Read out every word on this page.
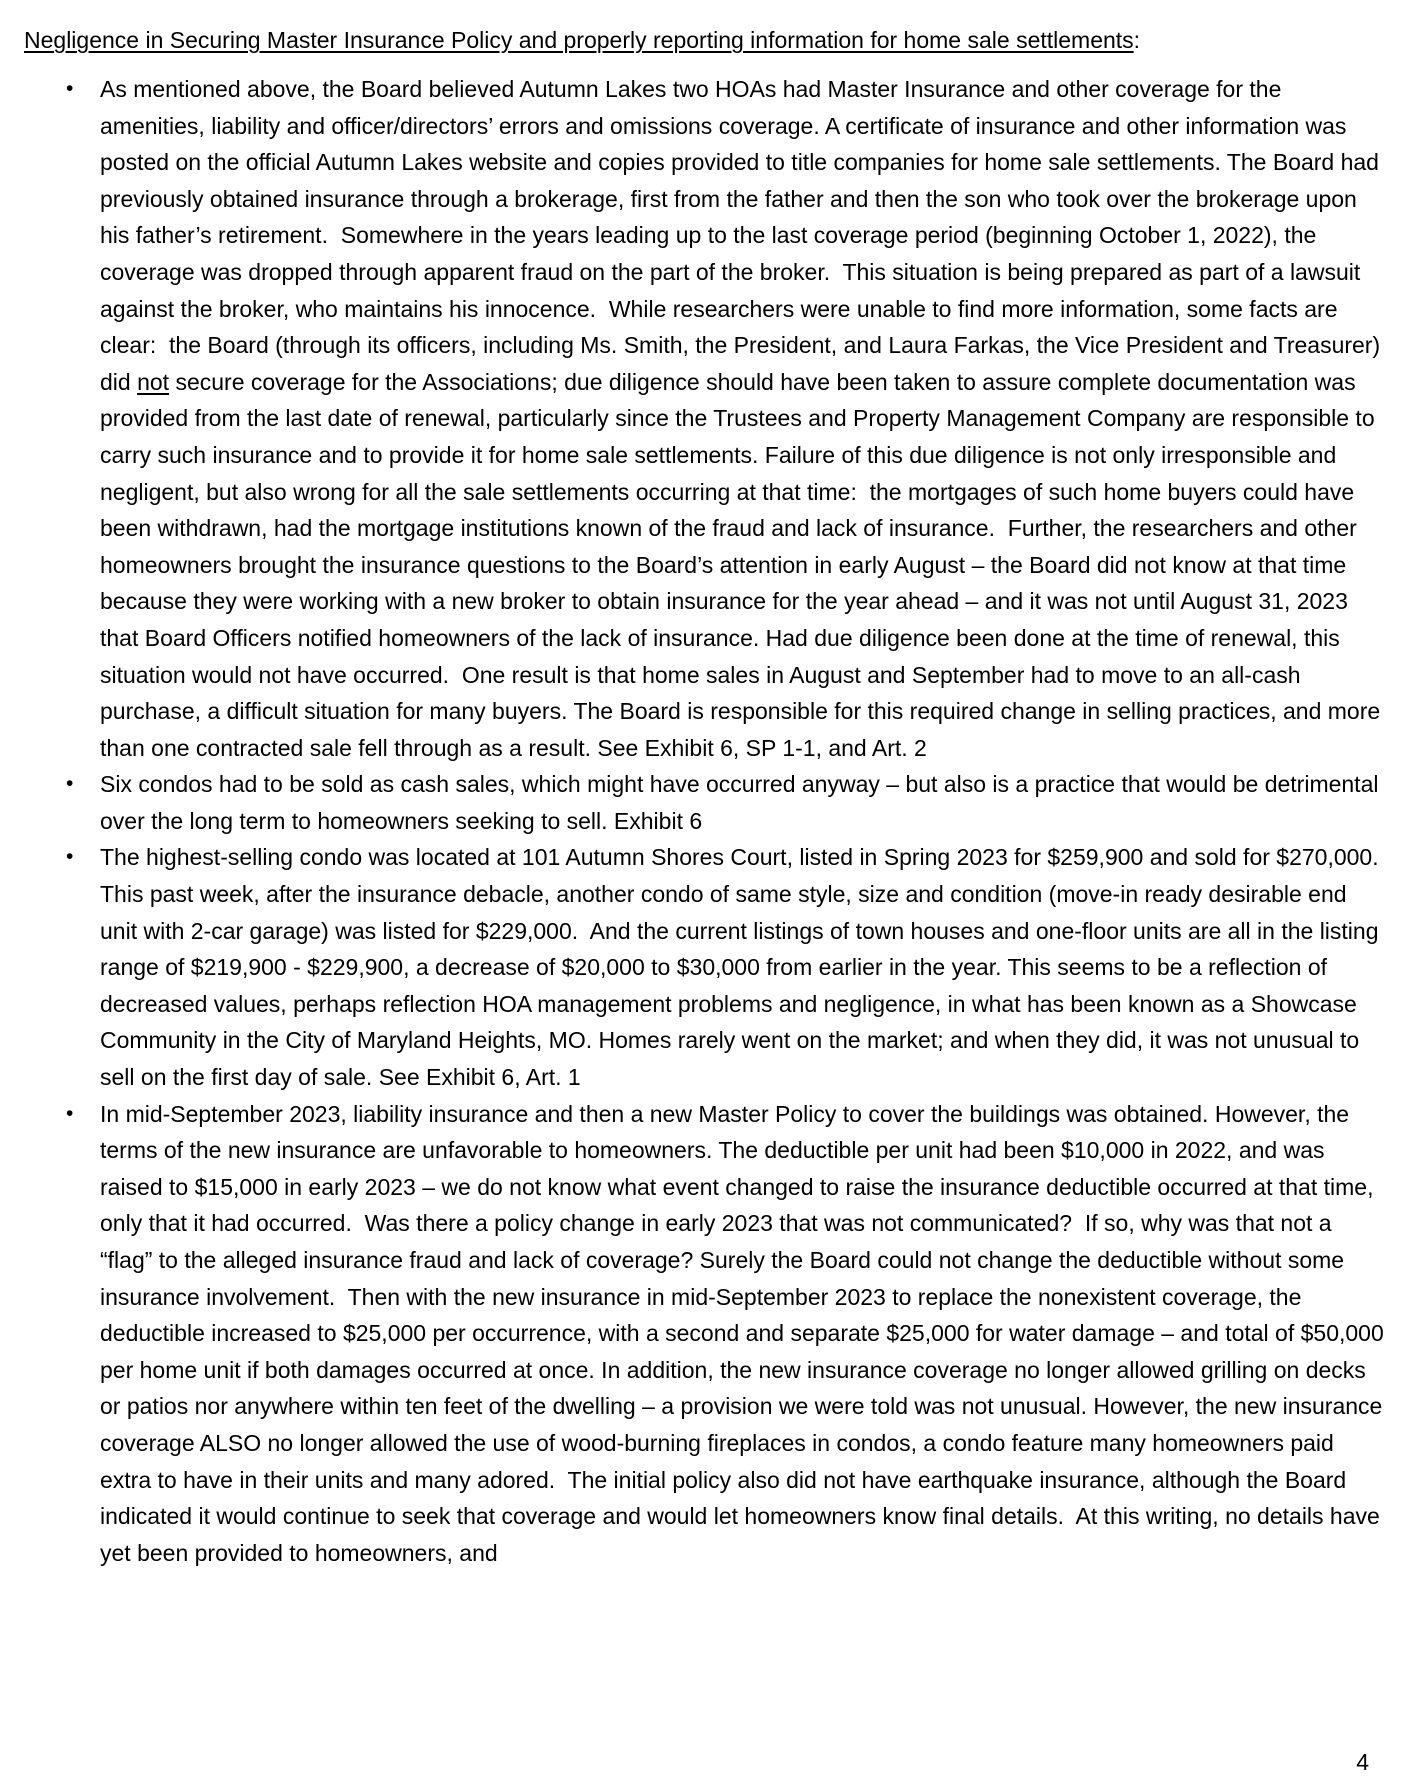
Negligence in Securing Master Insurance Policy and properly reporting information for home sale settlements:
• As mentioned above, the Board believed Autumn Lakes two HOAs had Master Insurance and other coverage for the amenities, liability and officer/directors’ errors and omissions coverage. A certificate of insurance and other information was posted on the official Autumn Lakes website and copies provided to title companies for home sale settlements. The Board had previously obtained insurance through a brokerage, first from the father and then the son who took over the brokerage upon his father’s retirement.  Somewhere in the years leading up to the last coverage period (beginning October 1, 2022), the coverage was dropped through apparent fraud on the part of the broker.  This situation is being prepared as part of a lawsuit against the broker, who maintains his innocence.  While researchers were unable to find more information, some facts are clear:  the Board (through its officers, including Ms. Smith, the President, and Laura Farkas, the Vice President and Treasurer) did not secure coverage for the Associations; due diligence should have been taken to assure complete documentation was provided from the last date of renewal, particularly since the Trustees and Property Management Company are responsible to carry such insurance and to provide it for home sale settlements. Failure of this due diligence is not only irresponsible and negligent, but also wrong for all the sale settlements occurring at that time:  the mortgages of such home buyers could have been withdrawn, had the mortgage institutions known of the fraud and lack of insurance.  Further, the researchers and other homeowners brought the insurance questions to the Board’s attention in early August – the Board did not know at that time because they were working with a new broker to obtain insurance for the year ahead – and it was not until August 31, 2023 that Board Officers notified homeowners of the lack of insurance. Had due diligence been done at the time of renewal, this situation would not have occurred.  One result is that home sales in August and September had to move to an all-cash purchase, a difficult situation for many buyers. The Board is responsible for this required change in selling practices, and more than one contracted sale fell through as a result. See Exhibit 6, SP 1-1, and Art. 2
• Six condos had to be sold as cash sales, which might have occurred anyway – but also is a practice that would be detrimental over the long term to homeowners seeking to sell. Exhibit 6
• The highest-selling condo was located at 101 Autumn Shores Court, listed in Spring 2023 for $259,900 and sold for $270,000.  This past week, after the insurance debacle, another condo of same style, size and condition (move-in ready desirable end unit with 2-car garage) was listed for $229,000.  And the current listings of town houses and one-floor units are all in the listing range of $219,900 - $229,900, a decrease of $20,000 to $30,000 from earlier in the year. This seems to be a reflection of decreased values, perhaps reflection HOA management problems and negligence, in what has been known as a Showcase Community in the City of Maryland Heights, MO. Homes rarely went on the market; and when they did, it was not unusual to sell on the first day of sale. See Exhibit 6, Art. 1
• In mid-September 2023, liability insurance and then a new Master Policy to cover the buildings was obtained. However, the terms of the new insurance are unfavorable to homeowners. The deductible per unit had been $10,000 in 2022, and was raised to $15,000 in early 2023 – we do not know what event changed to raise the insurance deductible occurred at that time, only that it had occurred.  Was there a policy change in early 2023 that was not communicated?  If so, why was that not a “flag” to the alleged insurance fraud and lack of coverage? Surely the Board could not change the deductible without some insurance involvement.  Then with the new insurance in mid-September 2023 to replace the nonexistent coverage, the deductible increased to $25,000 per occurrence, with a second and separate $25,000 for water damage – and total of $50,000 per home unit if both damages occurred at once. In addition, the new insurance coverage no longer allowed grilling on decks or patios nor anywhere within ten feet of the dwelling – a provision we were told was not unusual. However, the new insurance coverage ALSO no longer allowed the use of wood-burning fireplaces in condos, a condo feature many homeowners paid extra to have in their units and many adored.  The initial policy also did not have earthquake insurance, although the Board indicated it would continue to seek that coverage and would let homeowners know final details.  At this writing, no details have yet been provided to homeowners, and
4
